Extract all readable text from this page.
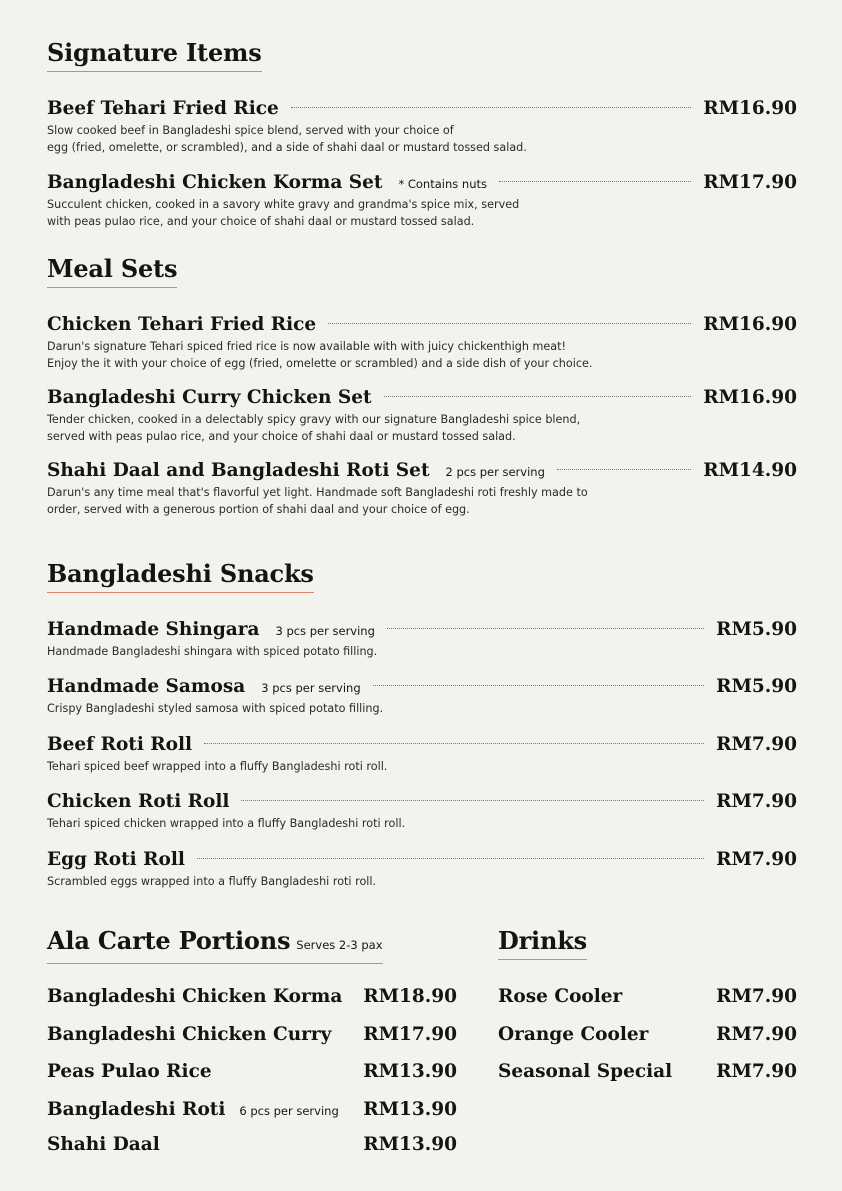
Signature Items
Beef Tehari Fried Rice	RM16.90
Slow cooked beef in Bangladeshi spice blend, served with your choice of
egg (fried, omelette, or scrambled), and a side of shahi daal or mustard tossed salad.
Bangladeshi Chicken Korma Set * Contains nuts	RM17.90
Succulent chicken, cooked in a savory white gravy and grandma's spice mix, served
with peas pulao rice, and your choice of shahi daal or mustard tossed salad.
Meal Sets
Chicken Tehari Fried Rice	RM16.90
Darun's signature Tehari spiced fried rice is now available with with juicy chickenthigh meat!
Enjoy the it with your choice of egg (fried, omelette or scrambled) and a side dish of your choice.
Bangladeshi Curry Chicken Set	RM16.90
Tender chicken, cooked in a delectably spicy gravy with our signature Bangladeshi spice blend,
served with peas pulao rice, and your choice of shahi daal or mustard tossed salad.
Shahi Daal and Bangladeshi Roti Set 2 pcs per serving	RM14.90
Darun's any time meal that's flavorful yet light. Handmade soft Bangladeshi roti freshly made to
order, served with a generous portion of shahi daal and your choice of egg.
Bangladeshi Snacks
Handmade Shingara 3 pcs per serving	RM5.90
Handmade Bangladeshi shingara with spiced potato filling.
Handmade Samosa 3 pcs per serving	RM5.90
Crispy Bangladeshi styled samosa with spiced potato filling.
Beef Roti Roll	RM7.90
Tehari spiced beef wrapped into a fluffy Bangladeshi roti roll.
Chicken Roti Roll	RM7.90
Tehari spiced chicken wrapped into a fluffy Bangladeshi roti roll.
Egg Roti Roll	RM7.90
Scrambled eggs wrapped into a fluffy Bangladeshi roti roll.
Ala Carte Portions Serves 2-3 pax
Bangladeshi Chicken Korma RM18.90
Bangladeshi Chicken Curry RM17.90
Peas Pulao Rice	RM13.90
Bangladeshi Roti 6 pcs per serving RM13.90
Shahi Daal	RM13.90
Drinks
Rose Cooler	RM7.90
Orange Cooler	RM7.90
Seasonal Special RM7.90
